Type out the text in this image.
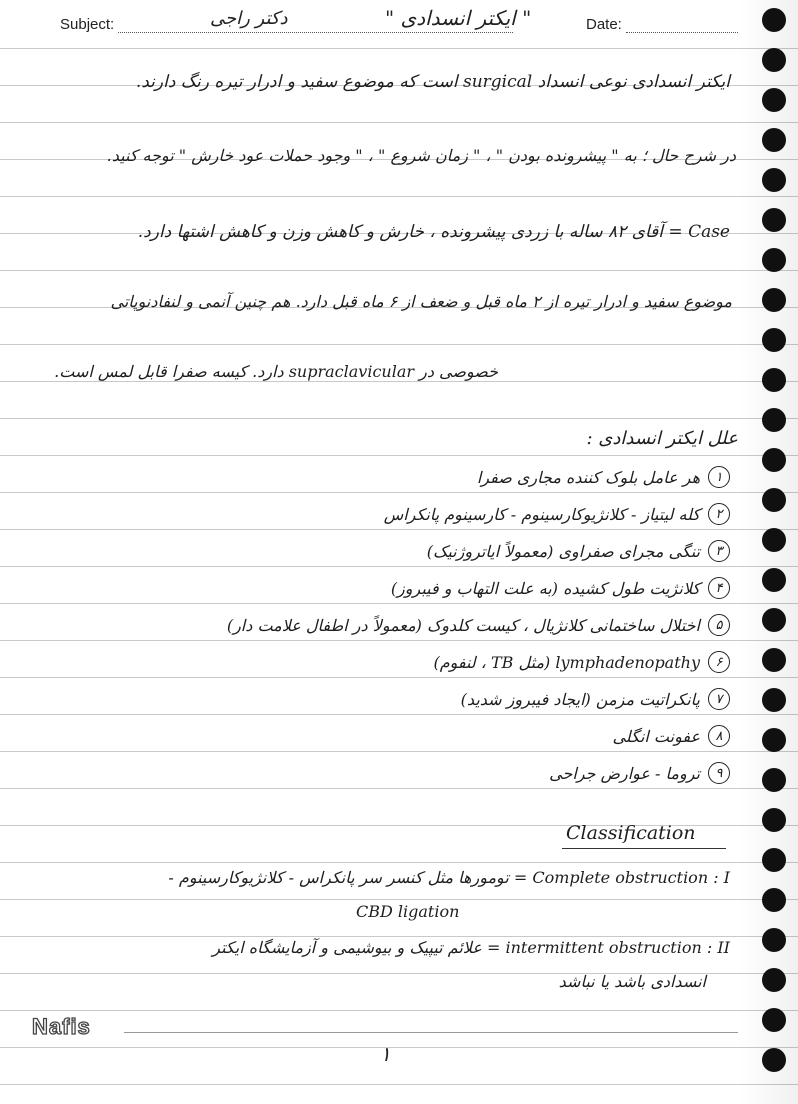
Subject:	دکتر راجی	" ایکتر انسدادی "	Date:
ایکتر انسدادی نوعی انسداد surgical است که موضوع سفید و ادرار تیره رنگ دارند.
در شرح حال ؛ به " پیشرونده بودن " ، " زمان شروع " ، " وجود حملات عود خارش " توجه کنید.
Case = آقای ۸۲ ساله با زردی پیشرونده ، خارش و کاهش وزن و کاهش اشتها دارد.
موضوع سفید و ادرار تیره از ۲ ماه قبل و ضعف از ۶ ماه قبل دارد. هم چنین آنمی و لنفادنوپاتی
خصوصی در supraclavicular دارد. کیسه صفرا قابل لمس است.
علل ایکتر انسدادی :
۱
هر عامل بلوک کننده مجاری صفرا
۲
کله لیتیاز - کلانژیوکارسینوم - کارسینوم پانکراس
۳
تنگی مجرای صفراوی (معمولاً ایاتروژنیک)
۴
کلانژیت طول کشیده (به علت التهاب و فیبروز)
۵
اختلال ساختمانی کلانژیال ، کیست کلدوک (معمولاً در اطفال علامت دار)
۶
lymphadenopathy (مثل TB ، لنفوم)
۷
پانکراتیت مزمن (ایجاد فیبروز شدید)
۸
عفونت انگلی
۹
تروما - عوارض جراحی
Classification
Complete obstruction : I = تومورها مثل کنسر سر پانکراس - کلانژیوکارسینوم -
CBD ligation
intermittent obstruction : II = علائم تیپیک و بیوشیمی و آزمایشگاه ایکتر
انسدادی باشد یا نباشد
Nafis
۱
